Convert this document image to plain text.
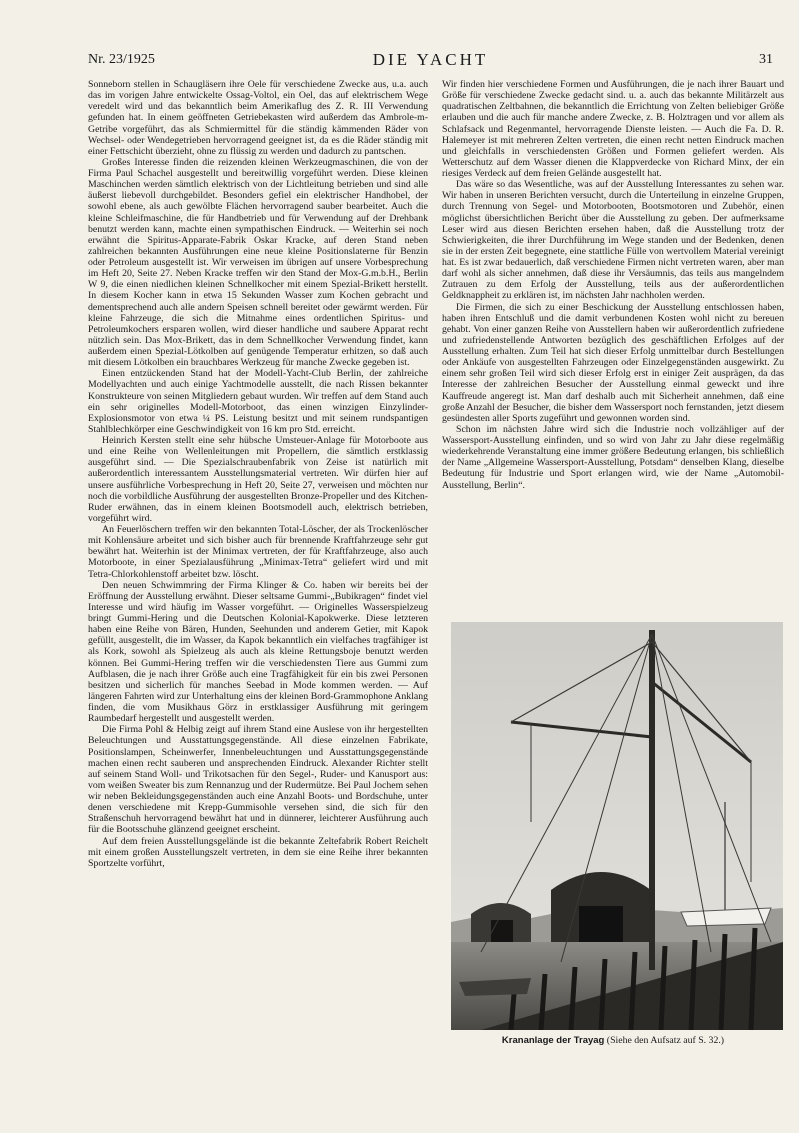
Nr. 23/1925	DIE YACHT	31

Sonneborn stellen in Schaugläsern ihre Oele für verschiedene Zwecke aus, u.a. auch das im vorigen Jahre entwickelte Ossag-Voltol, ein Oel, das auf elektrischem Wege veredelt wird und das bekanntlich beim Amerikaflug des Z. R. III Verwendung gefunden hat. In einem geöffneten Getriebekasten wird außerdem das Ambrole-m-Getribe vorgeführt, das als Schmiermittel für die ständig kämmenden Räder von Wechsel- oder Wendegetrieben hervorragend geeignet ist, da es die Räder ständig mit einer Fettschicht überzieht, ohne zu flüssig zu werden und dadurch zu pantschen.

Großes Interesse finden die reizenden kleinen Werkzeugmaschinen, die von der Firma Paul Schachel ausgestellt und bereitwillig vorgeführt werden. Diese kleinen Maschinchen werden sämtlich elektrisch von der Lichtleitung betrieben und sind alle äußerst liebevoll durchgebildet. Besonders gefiel ein elektrischer Handhobel, der sowohl ebene, als auch gewölbte Flächen hervorragend sauber bearbeitet. Auch die kleine Schleifmaschine, die für Handbetrieb und für Verwendung auf der Drehbank benutzt werden kann, machte einen sympathischen Eindruck. — Weiterhin sei noch erwähnt die Spiritus-Apparate-Fabrik Oskar Kracke, auf deren Stand neben zahlreichen bekannten Ausführungen eine neue kleine Positionslaterne für Benzin oder Petroleum ausgestellt ist. Wir verweisen im übrigen auf unsere Vorbesprechung im Heft 20, Seite 27. Neben Kracke treffen wir den Stand der Mox-G.m.b.H., Berlin W 9, die einen niedlichen kleinen Schnellkocher mit einem Spezial-Brikett herstellt. In diesem Kocher kann in etwa 15 Sekunden Wasser zum Kochen gebracht und dementsprechend auch alle andern Speisen schnell bereitet oder gewärmt werden. Für kleine Fahrzeuge, die sich die Mitnahme eines ordentlichen Spiritus- und Petroleumkochers ersparen wollen, wird dieser handliche und saubere Apparat recht nützlich sein. Das Mox-Brikett, das in dem Schnellkocher Verwendung findet, kann außerdem einen Spezial-Lötkolben auf genügende Temperatur erhitzen, so daß auch mit diesem Lötkolben ein brauchbares Werkzeug für manche Zwecke gegeben ist.

Einen entzückenden Stand hat der Modell-Yacht-Club Berlin, der zahlreiche Modellyachten und auch einige Yachtmodelle ausstellt, die nach Rissen bekannter Konstrukteure von seinen Mitgliedern gebaut wurden. Wir treffen auf dem Stand auch ein sehr originelles Modell-Motorboot, das einen winzigen Einzylinder-Explosionsmotor von etwa ¼ PS. Leistung besitzt und mit seinem rundspantigen Stahlblechkörper eine Geschwindigkeit von 16 km pro Std. erreicht.

Heinrich Kersten stellt eine sehr hübsche Umsteuer-Anlage für Motorboote aus und eine Reihe von Wellenleitungen mit Propellern, die sämtlich erstklassig ausgeführt sind. — Die Spezialschraubenfabrik von Zeise ist natürlich mit außerordentlich interessantem Ausstellungsmaterial vertreten. Wir dürfen hier auf unsere ausführliche Vorbesprechung in Heft 20, Seite 27, verweisen und möchten nur noch die vorbildliche Ausführung der ausgestellten Bronze-Propeller und des Kitchen-Ruder erwähnen, das in einem kleinen Bootsmodell auch, elektrisch betrieben, vorgeführt wird.

An Feuerlöschern treffen wir den bekannten Total-Löscher, der als Trockenlöscher mit Kohlensäure arbeitet und sich bisher auch für brennende Kraftfahrzeuge sehr gut bewährt hat. Weiterhin ist der Minimax vertreten, der für Kraftfahrzeuge, also auch Motorboote, in einer Spezialausführung „Minimax-Tetra“ geliefert wird und mit Tetra-Chlorkohlenstoff arbeitet bzw. löscht.

Den neuen Schwimmring der Firma Klinger & Co. haben wir bereits bei der Eröffnung der Ausstellung erwähnt. Dieser seltsame Gummi-„Bubikragen“ findet viel Interesse und wird häufig im Wasser vorgeführt. — Originelles Wasserspielzeug bringt Gummi-Hering und die Deutschen Kolonial-Kapokwerke. Diese letzteren haben eine Reihe von Bären, Hunden, Seehunden und anderem Getier, mit Kapok gefüllt, ausgestellt, die im Wasser, da Kapok bekanntlich ein vielfaches tragfähiger ist als Kork, sowohl als Spielzeug als auch als kleine Rettungsboje benutzt werden können. Bei Gummi-Hering treffen wir die verschiedensten Tiere aus Gummi zum Aufblasen, die je nach ihrer Größe auch eine Tragfähigkeit für ein bis zwei Personen besitzen und sicherlich für manches Seebad in Mode kommen werden. — Auf längeren Fahrten wird zur Unterhaltung eins der kleinen Bord-Grammophone Anklang finden, die vom Musikhaus Görz in erstklassiger Ausführung mit geringem Raumbedarf hergestellt und ausgestellt werden.

Die Firma Pohl & Helbig zeigt auf ihrem Stand eine Auslese von ihr hergestellten Beleuchtungen und Ausstattungsgegenstände. All diese einzelnen Fabrikate, Positionslampen, Scheinwerfer, Innenbeleuchtungen und Ausstattungsgegenstände machen einen recht sauberen und ansprechenden Eindruck. Alexander Richter stellt auf seinem Stand Woll- und Trikotsachen für den Segel-, Ruder- und Kanusport aus: vom weißen Sweater bis zum Rennanzug und der Rudermütze. Bei Paul Jochem sehen wir neben Bekleidungsgegenständen auch eine Anzahl Boots- und Bordschuhe, unter denen verschiedene mit Krepp-Gummisohle versehen sind, die sich für den Straßenschuh hervorragend bewährt hat und in dünnerer, leichterer Ausführung auch für die Bootsschuhe glänzend geeignet erscheint.

Auf dem freien Ausstellungsgelände ist die bekannte Zeltefabrik Robert Reichelt mit einem großen Ausstellungszelt vertreten, in dem sie eine Reihe ihrer bekannten Sportzelte vorführt,

Wir finden hier verschiedene Formen und Ausführungen, die je nach ihrer Bauart und Größe für verschiedene Zwecke gedacht sind. u. a. auch das bekannte Militärzelt aus quadratischen Zeltbahnen, die bekanntlich die Errichtung von Zelten beliebiger Größe erlauben und die auch für manche andere Zwecke, z. B. Holztragen und vor allem als Schlafsack und Regenmantel, hervorragende Dienste leisten. — Auch die Fa. D. R. Halemeyer ist mit mehreren Zelten vertreten, die einen recht netten Eindruck machen und gleichfalls in verschiedensten Größen und Formen geliefert werden. Als Wetterschutz auf dem Wasser dienen die Klappverdecke von Richard Minx, der ein riesiges Verdeck auf dem freien Gelände ausgestellt hat.

Das wäre so das Wesentliche, was auf der Ausstellung Interessantes zu sehen war. Wir haben in unseren Berichten versucht, durch die Unterteilung in einzelne Gruppen, durch Trennung von Segel- und Motorbooten, Bootsmotoren und Zubehör, einen möglichst übersichtlichen Bericht über die Ausstellung zu geben. Der aufmerksame Leser wird aus diesen Berichten ersehen haben, daß die Ausstellung trotz der Schwierigkeiten, die ihrer Durchführung im Wege standen und der Bedenken, denen sie in der ersten Zeit begegnete, eine stattliche Fülle von wertvollem Material vereinigt hat. Es ist zwar bedauerlich, daß verschiedene Firmen nicht vertreten waren, aber man darf wohl als sicher annehmen, daß diese ihr Versäumnis, das teils aus mangelndem Zutrauen zu dem Erfolg der Ausstellung, teils aus der außerordentlichen Geldknappheit zu erklären ist, im nächsten Jahr nachholen werden.

Die Firmen, die sich zu einer Beschickung der Ausstellung entschlossen haben, haben ihren Entschluß und die damit verbundenen Kosten wohl nicht zu bereuen gehabt. Von einer ganzen Reihe von Ausstellern haben wir außerordentlich zufriedene und zufriedenstellende Antworten bezüglich des geschäftlichen Erfolges auf der Ausstellung erhalten. Zum Teil hat sich dieser Erfolg unmittelbar durch Bestellungen oder Ankäufe von ausgestellten Fahrzeugen oder Einzelgegenständen ausgewirkt. Zu einem sehr großen Teil wird sich dieser Erfolg erst in einiger Zeit ausprägen, da das Interesse der zahlreichen Besucher der Ausstellung einmal geweckt und ihre Kauffreude angeregt ist. Man darf deshalb auch mit Sicherheit annehmen, daß eine große Anzahl der Besucher, die bisher dem Wassersport noch fernstanden, jetzt diesem gesündesten aller Sports zugeführt und gewonnen worden sind.

Schon im nächsten Jahre wird sich die Industrie noch vollzähliger auf der Wassersport-Ausstellung einfinden, und so wird von Jahr zu Jahr diese regelmäßig wiederkehrende Veranstaltung eine immer größere Bedeutung erlangen, bis schließlich der Name „Allgemeine Wassersport-Ausstellung, Potsdam“ denselben Klang, dieselbe Bedeutung für Industrie und Sport erlangen wird, wie der Name „Automobil-Ausstellung, Berlin“.

Krananlage der Trayag (Siehe den Aufsatz auf S. 32.)
